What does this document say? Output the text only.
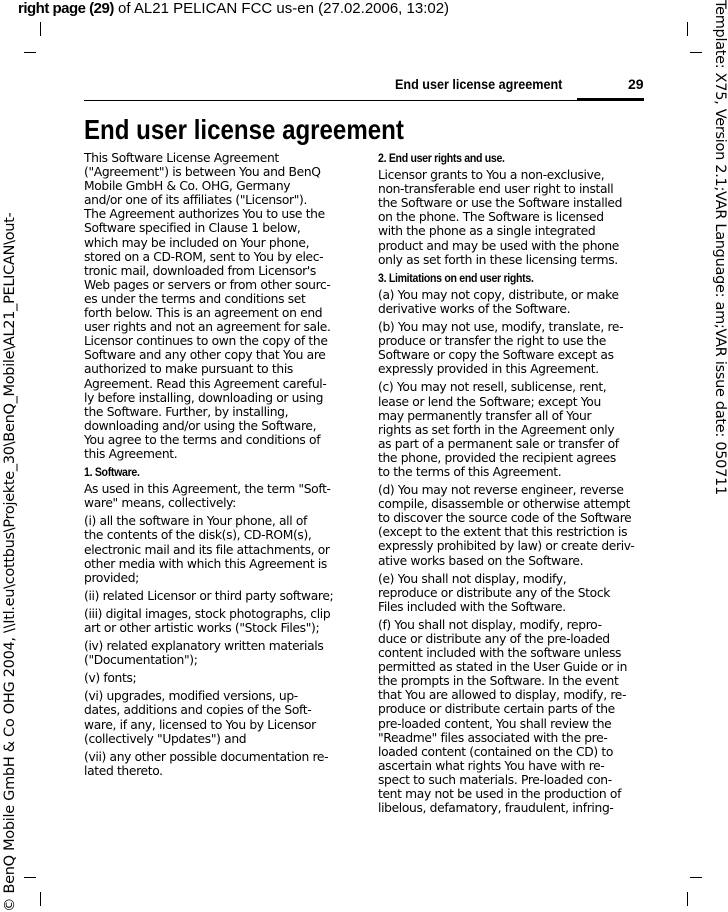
right page (29) of AL21 PELICAN FCC us-en (27.02.2006, 13:02)	Template: X75, Version 2.1;VAR Language: am;VAR issue date: 050711
© BenQ Mobile GmbH & Co OHG 2004, \\Itl.eu\cottbus\Projekte_30\BenQ_Mobile\AL21_PELICAN\out-
End user license agreement	29
End user license agreement
This Software License Agreement
("Agreement") is between You and BenQ
Mobile GmbH & Co. OHG, Germany
and/or one of its affiliates ("Licensor").
The Agreement authorizes You to use the
Software specified in Clause 1 below,
which may be included on Your phone,
stored on a CD-ROM, sent to You by elec-
tronic mail, downloaded from Licensor's
Web pages or servers or from other sourc-
es under the terms and conditions set
forth below. This is an agreement on end
user rights and not an agreement for sale.
Licensor continues to own the copy of the
Software and any other copy that You are
authorized to make pursuant to this
Agreement. Read this Agreement careful-
ly before installing, downloading or using
the Software. Further, by installing,
downloading and/or using the Software,
You agree to the terms and conditions of
this Agreement.
1. Software.
As used in this Agreement, the term "Soft-
ware" means, collectively:
(i) all the software in Your phone, all of
the contents of the disk(s), CD-ROM(s),
electronic mail and its file attachments, or
other media with which this Agreement is
provided;
(ii) related Licensor or third party software;
(iii) digital images, stock photographs, clip
art or other artistic works ("Stock Files");
(iv) related explanatory written materials
("Documentation");
(v) fonts;
(vi) upgrades, modified versions, up-
dates, additions and copies of the Soft-
ware, if any, licensed to You by Licensor
(collectively "Updates") and
(vii) any other possible documentation re-
lated thereto.
2. End user rights and use.
Licensor grants to You a non-exclusive,
non-transferable end user right to install
the Software or use the Software installed
on the phone. The Software is licensed
with the phone as a single integrated
product and may be used with the phone
only as set forth in these licensing terms.
3. Limitations on end user rights.
(a) You may not copy, distribute, or make
derivative works of the Software.
(b) You may not use, modify, translate, re-
produce or transfer the right to use the
Software or copy the Software except as
expressly provided in this Agreement.
(c) You may not resell, sublicense, rent,
lease or lend the Software; except You
may permanently transfer all of Your
rights as set forth in the Agreement only
as part of a permanent sale or transfer of
the phone, provided the recipient agrees
to the terms of this Agreement.
(d) You may not reverse engineer, reverse
compile, disassemble or otherwise attempt
to discover the source code of the Software
(except to the extent that this restriction is
expressly prohibited by law) or create deriv-
ative works based on the Software.
(e) You shall not display, modify,
reproduce or distribute any of the Stock
Files included with the Software.
(f) You shall not display, modify, repro-
duce or distribute any of the pre-loaded
content included with the software unless
permitted as stated in the User Guide or in
the prompts in the Software. In the event
that You are allowed to display, modify, re-
produce or distribute certain parts of the
pre-loaded content, You shall review the
"Readme" files associated with the pre-
loaded content (contained on the CD) to
ascertain what rights You have with re-
spect to such materials. Pre-loaded con-
tent may not be used in the production of
libelous, defamatory, fraudulent, infring-
